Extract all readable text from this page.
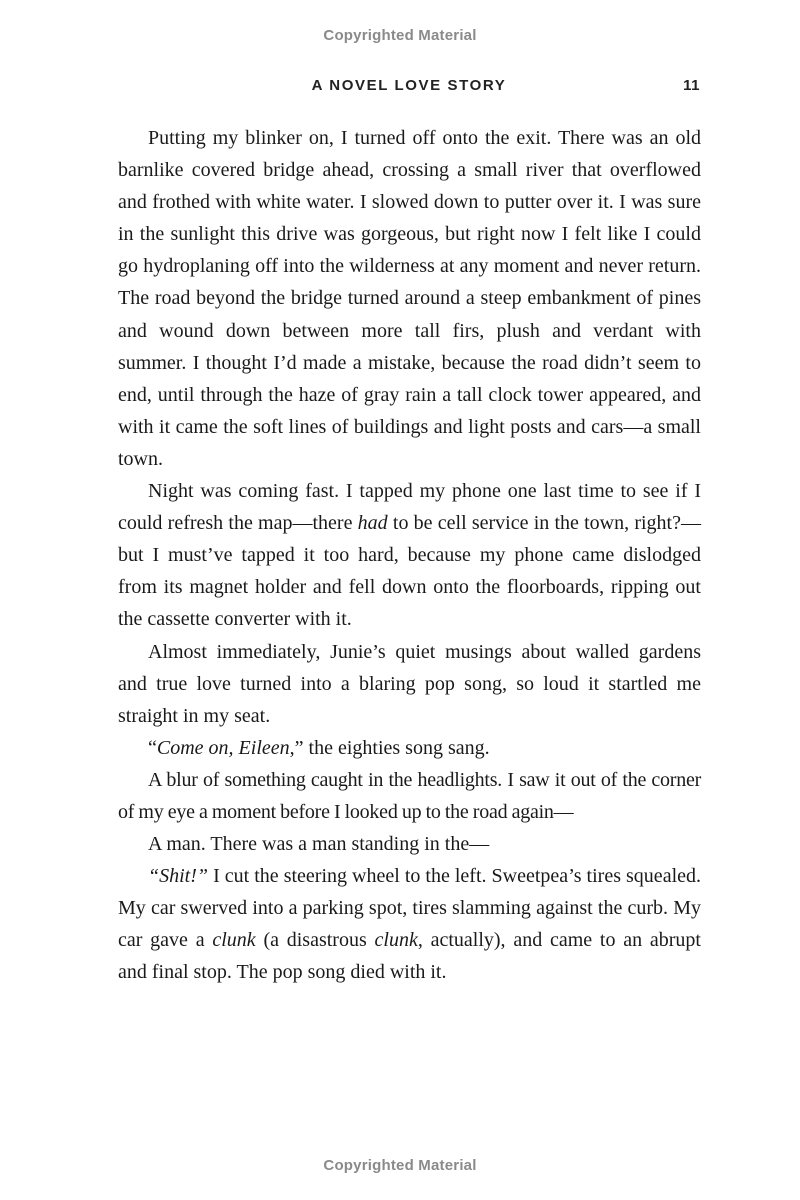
Copyrighted Material
A NOVEL LOVE STORY	11

Putting my blinker on, I turned off onto the exit. There was an old barnlike covered bridge ahead, crossing a small river that overflowed and frothed with white water. I slowed down to putter over it. I was sure in the sunlight this drive was gorgeous, but right now I felt like I could go hydroplaning off into the wilderness at any moment and never return. The road beyond the bridge turned around a steep embankment of pines and wound down between more tall firs, plush and verdant with summer. I thought I’d made a mistake, because the road didn’t seem to end, until through the haze of gray rain a tall clock tower appeared, and with it came the soft lines of buildings and light posts and cars—a small town.

Night was coming fast. I tapped my phone one last time to see if I could refresh the map—there had to be cell service in the town, right?—but I must’ve tapped it too hard, because my phone came dislodged from its magnet holder and fell down onto the floorboards, ripping out the cassette converter with it.

Almost immediately, Junie’s quiet musings about walled gardens and true love turned into a blaring pop song, so loud it startled me straight in my seat.

“Come on, Eileen,” the eighties song sang.

A blur of something caught in the headlights. I saw it out of the corner of my eye a moment before I looked up to the road again—

A man. There was a man standing in the—

“Shit!” I cut the steering wheel to the left. Sweetpea’s tires squealed. My car swerved into a parking spot, tires slamming against the curb. My car gave a clunk (a disastrous clunk, actually), and came to an abrupt and final stop. The pop song died with it.

Copyrighted Material
